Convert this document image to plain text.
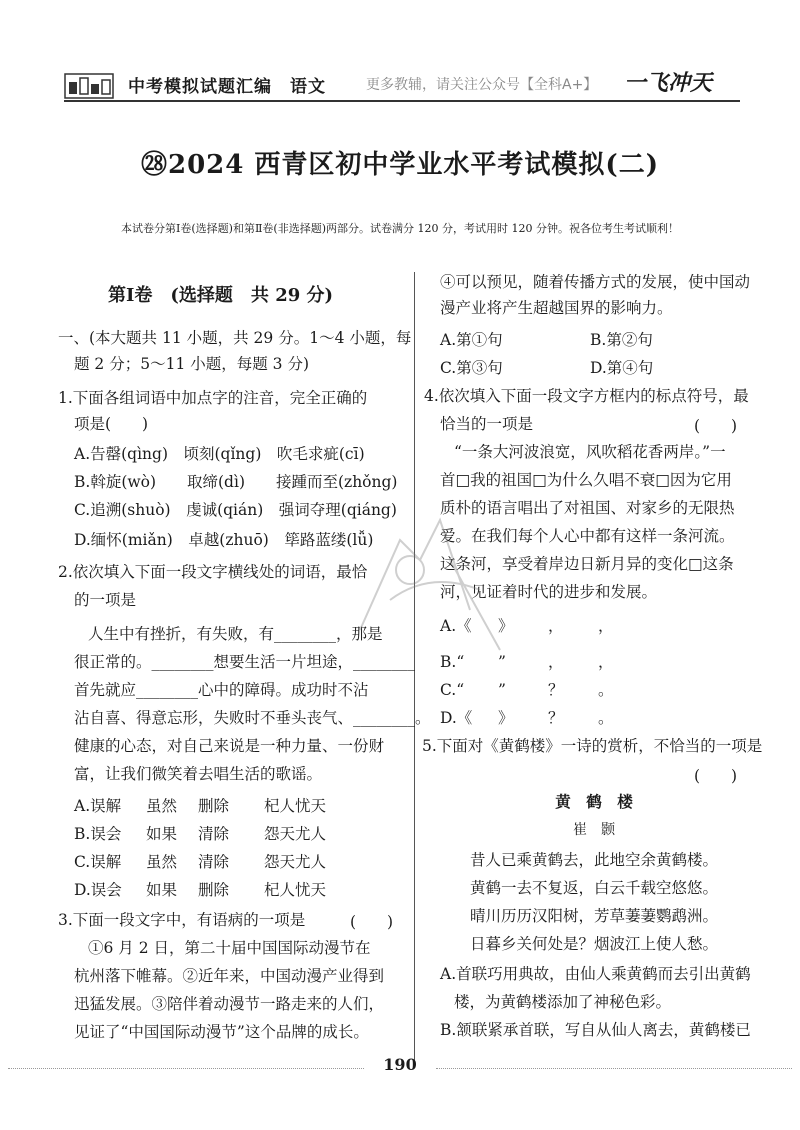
中考模拟试题汇编　语文	更多教辅，请关注公众号【全科A+】 一飞冲天
㉘2024 西青区初中学业水平考试模拟(二)
本试卷分第Ⅰ卷(选择题)和第Ⅱ卷(非选择题)两部分。试卷满分 120 分，考试用时 120 分钟。祝各位考生考试顺利！
第Ⅰ卷　(选择题　共 29 分)
一、(本大题共 11 小题，共 29 分。1～4 小题，每
题 2 分；5～11 小题，每题 3 分)
1.下面各组词语中加点字的注音，完全正确的
项是(　　)
A.告罄(qìng)　顷刻(qǐng)　吹毛求疵(cī)
B.斡旋(wò)　　取缔(dì)　　接踵而至(zhǒng)
C.追溯(shuò)　虔诚(qián)　强词夺理(qiáng)
D.缅怀(miǎn)　卓越(zhuō)　筚路蓝缕(lǚ)
2.依次填入下面一段文字横线处的词语，最恰
的一项是
人生中有挫折，有失败，有________，那是
很正常的。________想要生活一片坦途，________
首先就应________心中的障碍。成功时不沾
沾自喜、得意忘形，失败时不垂头丧气、________。
健康的心态，对自己来说是一种力量、一份财
富，让我们微笑着去唱生活的歌谣。
A.误解 虽然 删除 杞人忧天
B.误会 如果 清除 怨天尤人
C.误解 虽然 清除 怨天尤人
D.误会 如果 删除 杞人忧天
3.下面一段文字中，有语病的一项是	(　　)
①6 月 2 日，第二十届中国国际动漫节在
杭州落下帷幕。②近年来，中国动漫产业得到
迅猛发展。③陪伴着动漫节一路走来的人们，
见证了“中国国际动漫节”这个品牌的成长。
④可以预见，随着传播方式的发展，使中国动
漫产业将产生超越国界的影响力。
A.第①句	B.第②句
C.第③句	D.第④句
4.依次填入下面一段文字方框内的标点符号，最
恰当的一项是	(　　)
“一条大河波浪宽，风吹稻花香两岸。”一
首□我的祖国□为什么久唱不衰□因为它用
质朴的语言唱出了对祖国、对家乡的无限热
爱。在我们每个人心中都有这样一条河流。
这条河，享受着岸边日新月异的变化□这条
河，见证着时代的进步和发展。
A.《 》 ， ，
B.“ ”	， ，
C.“ ”	？ 。
D.《 》 ？ 。
5.下面对《黄鹤楼》一诗的赏析，不恰当的一项是
(　　)
黄　鹤　楼
崔　颢
昔人已乘黄鹤去，此地空余黄鹤楼。
黄鹤一去不复返，白云千载空悠悠。
晴川历历汉阳树，芳草萋萋鹦鹉洲。
日暮乡关何处是？烟波江上使人愁。
A.首联巧用典故，由仙人乘黄鹤而去引出黄鹤
楼，为黄鹤楼添加了神秘色彩。
B.颔联紧承首联，写自从仙人离去，黄鹤楼已
190
